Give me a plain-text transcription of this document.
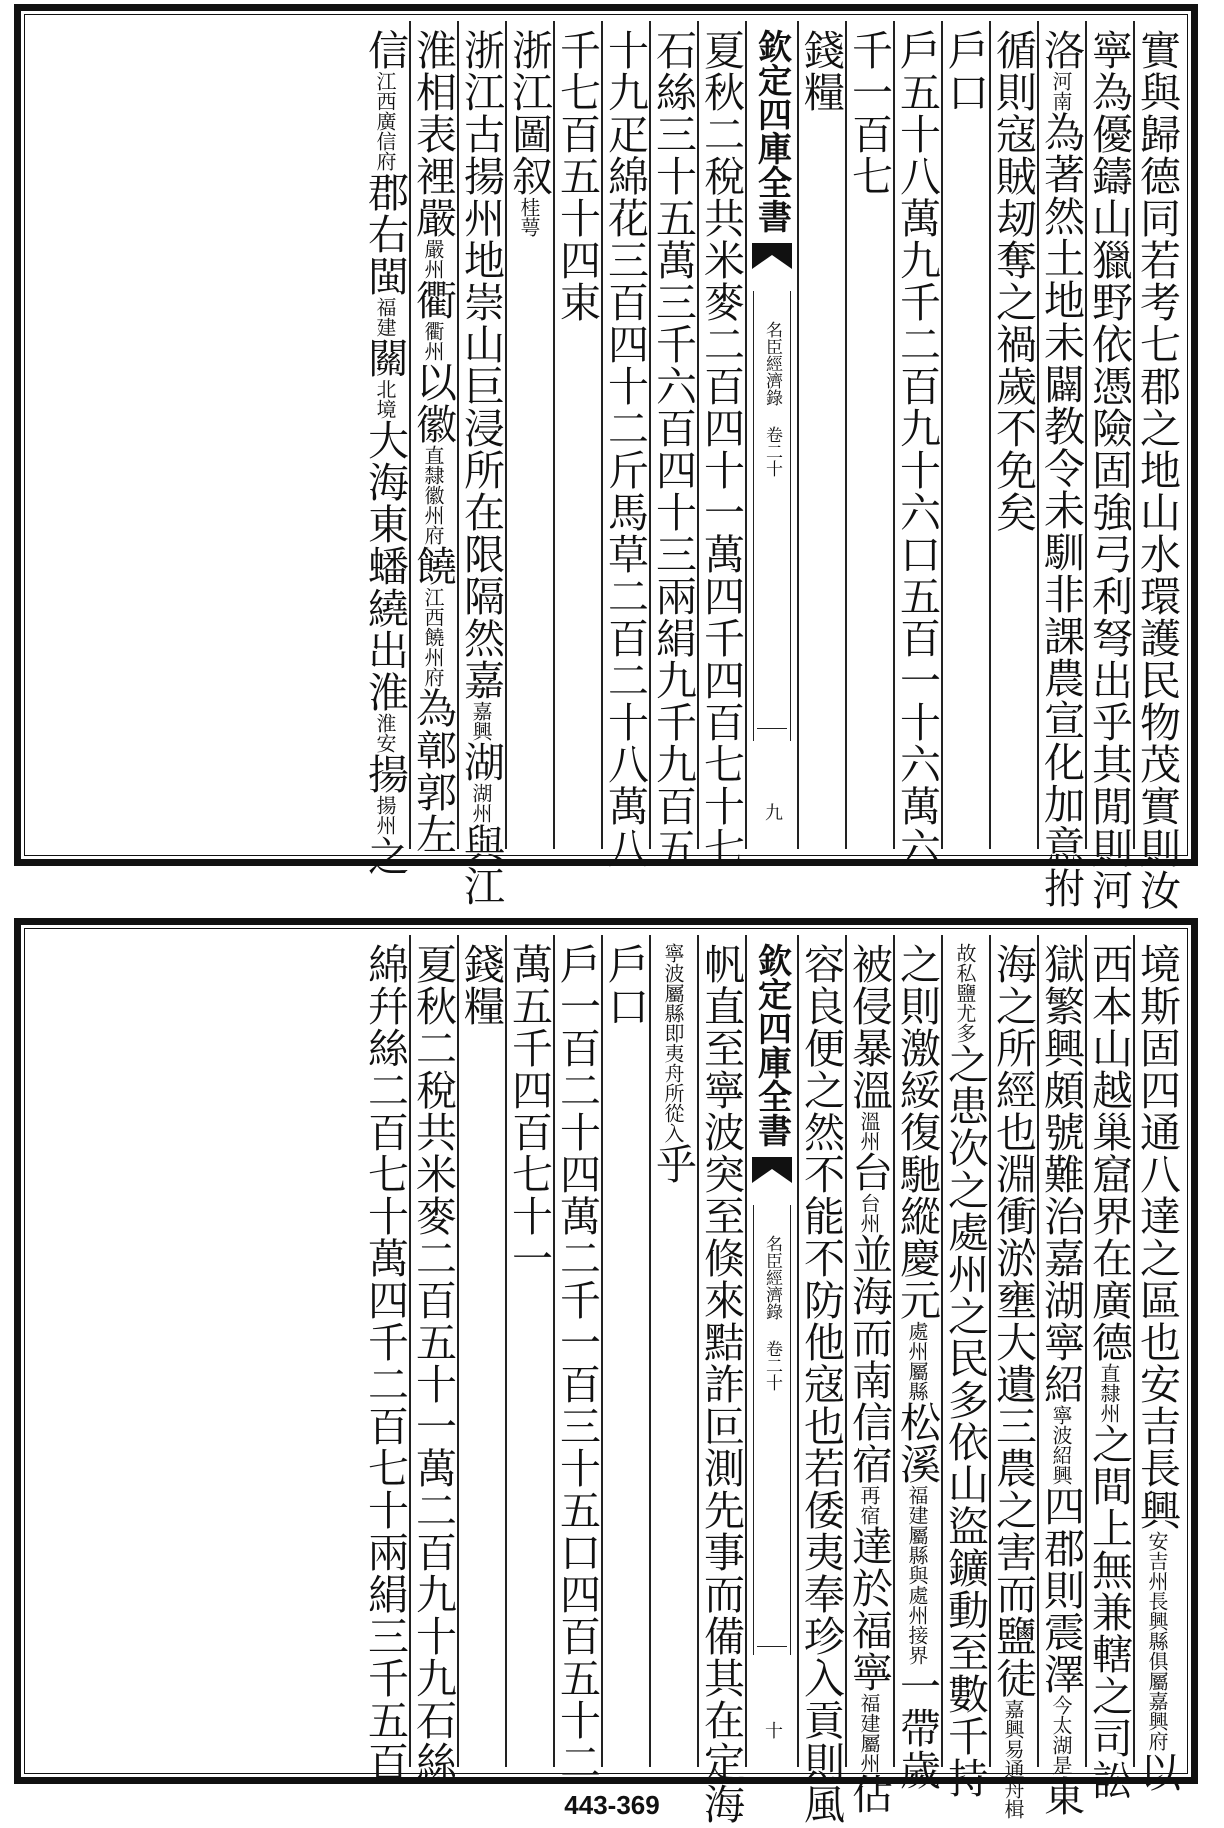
實與歸德同若考七郡之地山水環護民物茂實則汝
寧為優鑄山獵野依憑險固強弓利弩出乎其閒則河
洛河南為著然土地未闢教令未馴非課農宣化加意拊
循則寇賊刼奪之禍歲不免矣
戶口
戶五十八萬九千二百九十六口五百一十六萬六
千一百七
錢糧
欽定四庫全書
名臣經濟錄 卷二十
九
夏秋二稅共米麥二百四十一萬四千四百七十七
石絲三十五萬三千六百四十三兩絹九千九百五
十九疋綿花三百四十二斤馬草二百二十八萬八
千七百五十四束
浙江圖叙桂萼
浙江古揚州地崇山巨浸所在限隔然嘉嘉興湖湖州與江
淮相表裡嚴嚴州衢衢州以徽直隸徽州府饒江西饒州府為鄣郭左
信江西廣信府郡右閩福建關北境大海東蟠繞出淮淮安揚揚州之
境斯固四通八達之區也安吉長興安吉州長興縣俱屬嘉興府以
西本山越巢窟界在廣德直隸州之間上無兼轄之司訟
獄繁興頗號難治嘉湖寧紹寧波紹興四郡則震澤今太湖是東
海之所經也淵衝淤壅大遺三農之害而鹽徒嘉興易通舟楫
故私鹽尤多之患次之處州之民多依山盜鑛動至數千持
之則激綏復馳縱慶元處州屬縣松溪福建屬縣與處州接界一帶歲
被侵暴溫溫州台台州並海而南信宿再宿達於福寧福建屬州佔
容良便之然不能不防他寇也若倭夷奉珍入貢則風
欽定四庫全書
名臣經濟錄 卷二十
十
帆直至寧波突至倏來黠詐叵測先事而備其在定海
寧波屬縣即夷舟所從入乎
戶口
戶一百二十四萬二千一百三十五口四百五十二
萬五千四百七十一
錢糧
夏秋二稅共米麥二百五十一萬二百九十九石絲
綿幷絲二百七十萬四千二百七十兩絹三千五百
443-369
